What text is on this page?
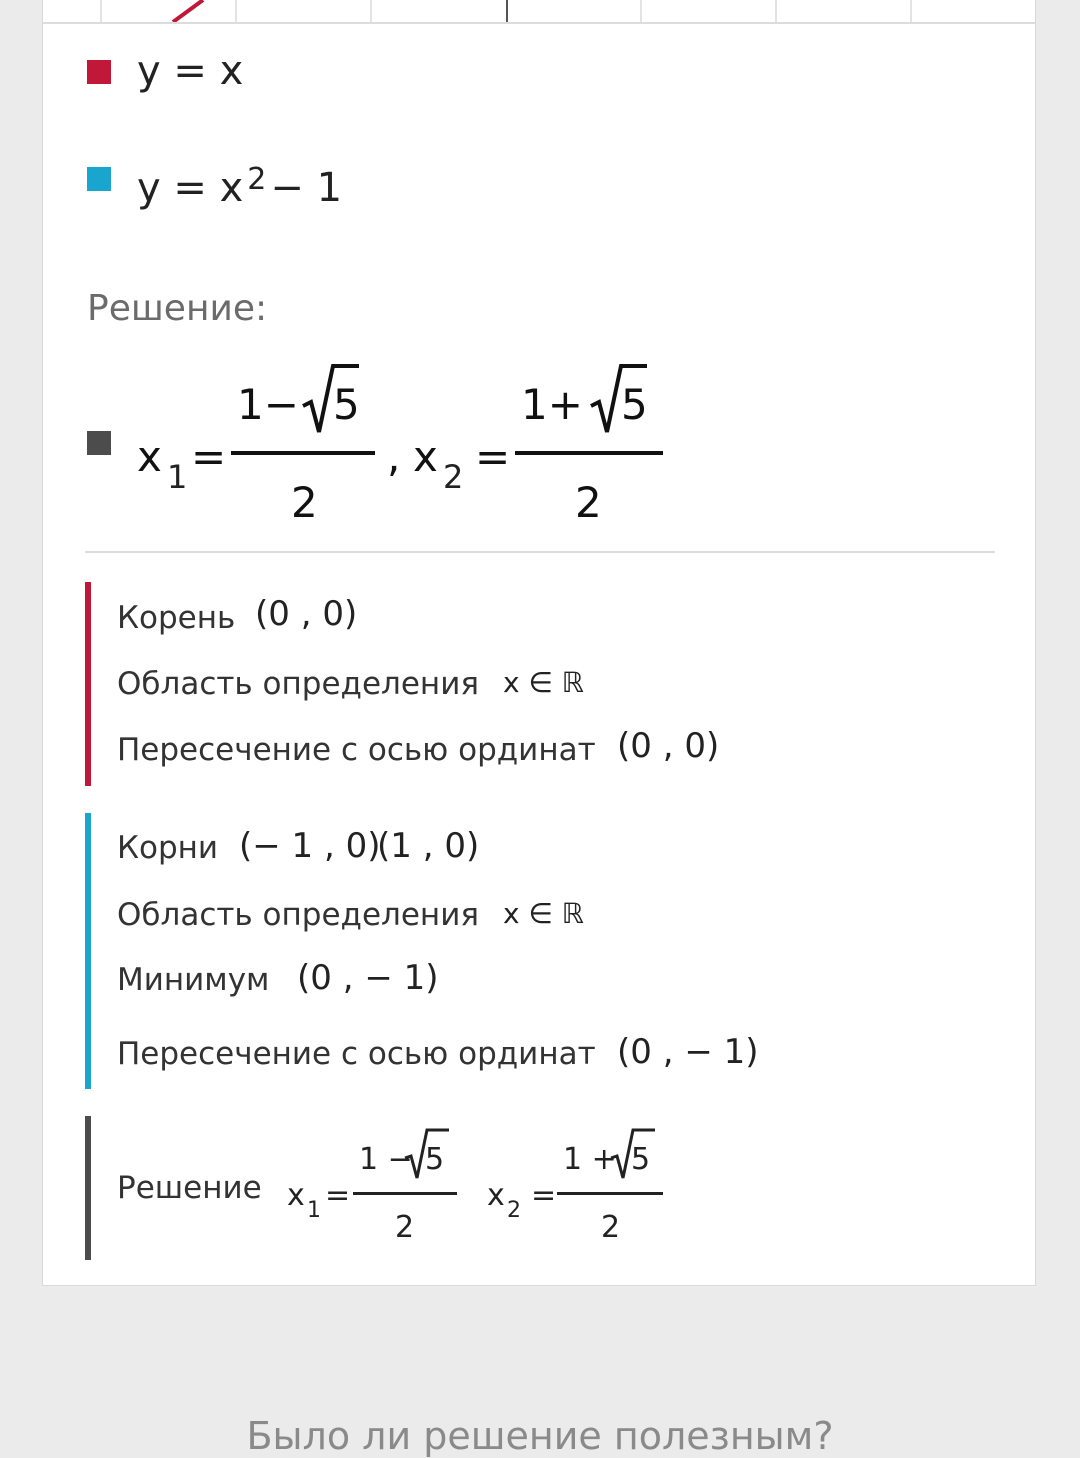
y = x
y = x $^2$ − 1
Решение:
x 1 =
1− 5
2
, x 2 =
1+ 5
2
Корень (0 , 0)
Область определения x ∈ ℝ
Пересечение с осью ординат (0 , 0)
Корни (− 1 , 0)
(1 , 0)
Область определения x ∈ ℝ
Минимум (0 , − 1)
Пересечение с осью ординат (0 , − 1)
Решение x 1 =
1 − 5
2
x 2 =
1 + 5
2
Было ли решение полезным?
